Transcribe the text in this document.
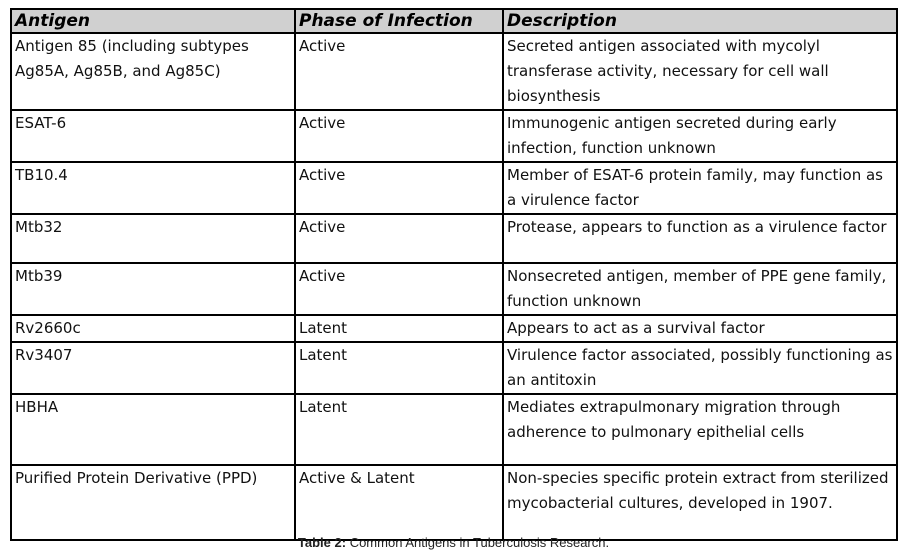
Antigen	Phase of Infection	Description
Antigen 85 (including subtypes Ag85A, Ag85B, and Ag85C)	Active	Secreted antigen associated with mycolyl transferase activity, necessary for cell wall biosynthesis
ESAT-6	Active	Immunogenic antigen secreted during early infection, function unknown
TB10.4	Active	Member of ESAT-6 protein family, may function as a virulence factor
Mtb32	Active	Protease, appears to function as a virulence factor
Mtb39	Active	Nonsecreted antigen, member of PPE gene family, function unknown
Rv2660c	Latent	Appears to act as a survival factor
Rv3407	Latent	Virulence factor associated, possibly functioning as an antitoxin
HBHA	Latent	Mediates extrapulmonary migration through adherence to pulmonary epithelial cells
Purified Protein Derivative (PPD)	Active & Latent	Non-species specific protein extract from sterilized mycobacterial cultures, developed in 1907.
Table 2: Common Antigens in Tuberculosis Research.
